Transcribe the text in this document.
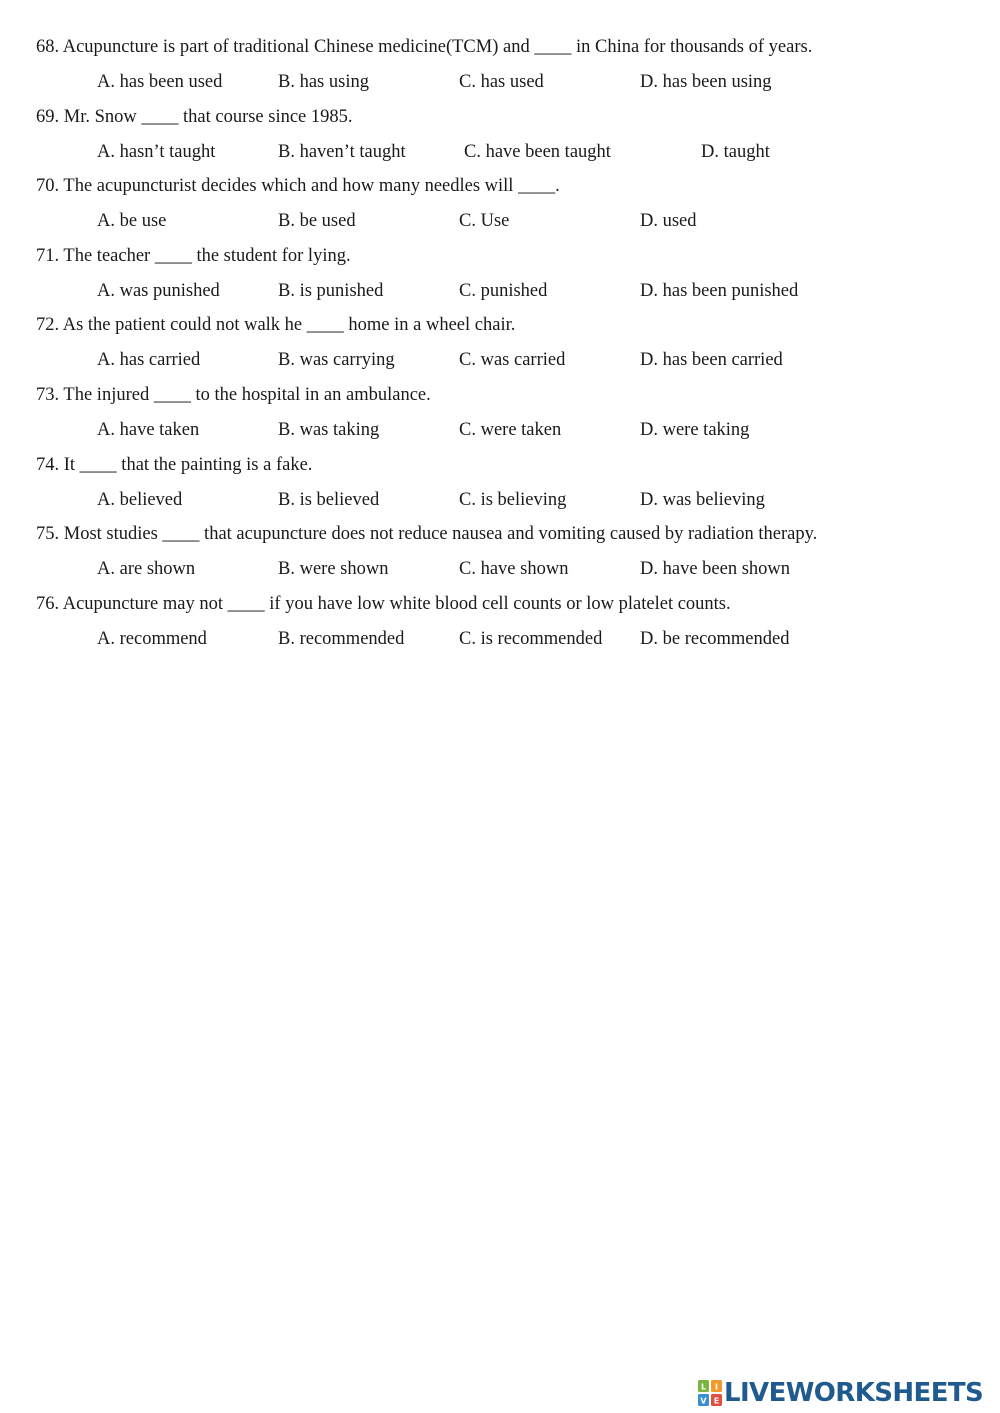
68. Acupuncture is part of traditional Chinese medicine(TCM) and ____ in China for thousands of years.
A. has been used	B. has using	C. has used	D. has been using
69. Mr. Snow ____ that course since 1985.
A. hasn’t taught	B. haven’t taught	C. have been taught	D. taught
70. The acupuncturist decides which and how many needles will ____.
A. be use	B. be used	C. Use	D. used
71. The teacher ____ the student for lying.
A. was punished	B. is punished	C. punished	D. has been punished
72. As the patient could not walk he ____ home in a wheel chair.
A. has carried	B. was carrying	C. was carried	D. has been carried
73. The injured ____ to the hospital in an ambulance.
A. have taken	B. was taking	C. were taken	D. were taking
74. It ____ that the painting is a fake.
A. believed	B. is believed	C. is believing	D. was believing
75. Most studies ____ that acupuncture does not reduce nausea and vomiting caused by radiation therapy.
A. are shown	B. were shown	C. have shown	D. have been shown
76. Acupuncture may not ____ if you have low white blood cell counts or low platelet counts.
A. recommend	B. recommended	C. is recommended D. be recommended
L I
V E LIVEWORKSHEETS
